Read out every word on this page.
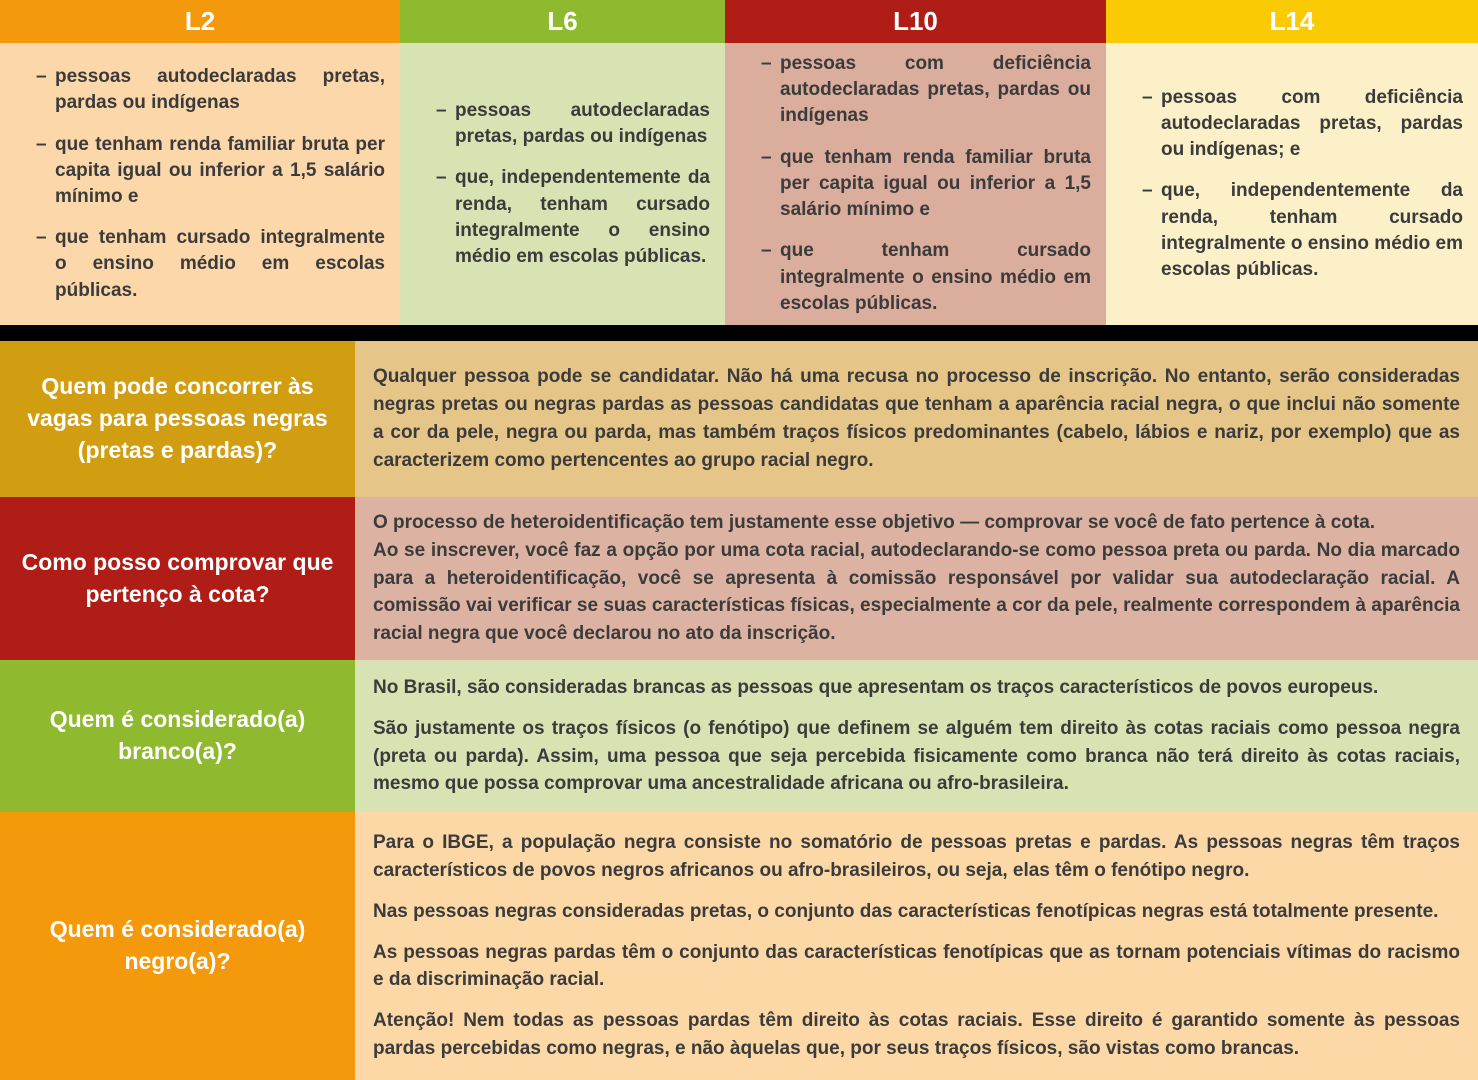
L2
– pessoas autodeclaradas pretas, pardas ou indígenas
– que tenham renda familiar bruta per capita igual ou inferior a 1,5 salário mínimo e
– que tenham cursado integralmente o ensino médio em escolas públicas.
L6
– pessoas autodeclaradas pretas, pardas ou indígenas
– que, independentemente da renda, tenham cursado integralmente o ensino médio em escolas públicas.
L10
– pessoas com deficiência autodeclaradas pretas, pardas ou indígenas
– que tenham renda familiar bruta per capita igual ou inferior a 1,5 salário mínimo e
– que tenham cursado integralmente o ensino médio em escolas públicas.
L14
– pessoas com deficiência autodeclaradas pretas, pardas ou indígenas; e
– que, independentemente da renda, tenham cursado integralmente o ensino médio em escolas públicas.
Quem pode concorrer às vagas para pessoas negras (pretas e pardas)?

Qualquer pessoa pode se candidatar. Não há uma recusa no processo de inscrição. No entanto, serão consideradas negras pretas ou negras pardas as pessoas candidatas que tenham a aparência racial negra, o que inclui não somente a cor da pele, negra ou parda, mas também traços físicos predominantes (cabelo, lábios e nariz, por exemplo) que as caracterizem como pertencentes ao grupo racial negro.

Como posso comprovar que pertenço à cota?

O processo de heteroidentificação tem justamente esse objetivo — comprovar se você de fato pertence à cota.

Ao se inscrever, você faz a opção por uma cota racial, autodeclarando-se como pessoa preta ou parda. No dia marcado para a heteroidentificação, você se apresenta à comissão responsável por validar sua autodeclaração racial. A comissão vai verificar se suas características físicas, especialmente a cor da pele, realmente correspondem à aparência racial negra que você declarou no ato da inscrição.

Quem é considerado(a) branco(a)?

No Brasil, são consideradas brancas as pessoas que apresentam os traços característicos de povos europeus.

São justamente os traços físicos (o fenótipo) que definem se alguém tem direito às cotas raciais como pessoa negra (preta ou parda). Assim, uma pessoa que seja percebida fisicamente como branca não terá direito às cotas raciais, mesmo que possa comprovar uma ancestralidade africana ou afro-brasileira.

Quem é considerado(a) negro(a)?

Para o IBGE, a população negra consiste no somatório de pessoas pretas e pardas. As pessoas negras têm traços característicos de povos negros africanos ou afro-brasileiros, ou seja, elas têm o fenótipo negro.

Nas pessoas negras consideradas pretas, o conjunto das características fenotípicas negras está totalmente presente.

As pessoas negras pardas têm o conjunto das características fenotípicas que as tornam potenciais vítimas do racismo e da discriminação racial.

Atenção! Nem todas as pessoas pardas têm direito às cotas raciais. Esse direito é garantido somente às pessoas pardas percebidas como negras, e não àquelas que, por seus traços físicos, são vistas como brancas.
